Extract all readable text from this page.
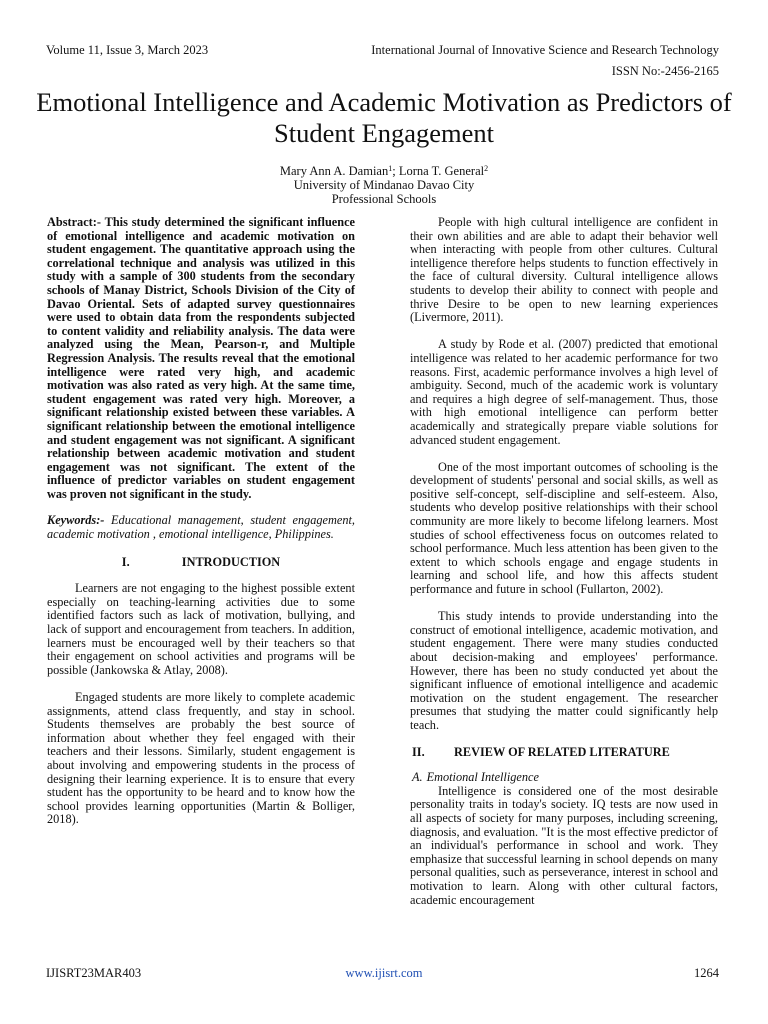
Volume 11, Issue 3, March 2023	International Journal of Innovative Science and Research Technology
ISSN No:-2456-2165
Emotional Intelligence and Academic Motivation as Predictors of Student Engagement
Mary Ann A. Damian$^1$; Lorna T. General$^2$
University of Mindanao Davao City
Professional Schools

Abstract:- This study determined the significant influence of emotional intelligence and academic motivation on student engagement. The quantitative approach using the correlational technique and analysis was utilized in this study with a sample of 300 students from the secondary schools of Manay District, Schools Division of the City of Davao Oriental. Sets of adapted survey questionnaires were used to obtain data from the respondents subjected to content validity and reliability analysis. The data were analyzed using the Mean, Pearson-r, and Multiple Regression Analysis. The results reveal that the emotional intelligence were rated very high, and academic motivation was also rated as very high. At the same time, student engagement was rated very high. Moreover, a significant relationship existed between these variables. A significant relationship between the emotional intelligence and student engagement was not significant. A significant relationship between academic motivation and student engagement was not significant. The extent of the influence of predictor variables on student engagement was proven not significant in the study.

Keywords:- Educational management, student engagement, academic motivation , emotional intelligence, Philippines.

I.	INTRODUCTION

Learners are not engaging to the highest possible extent especially on teaching-learning activities due to some identified factors such as lack of motivation, bullying, and lack of support and encouragement from teachers. In addition, learners must be encouraged well by their teachers so that their engagement on school activities and programs will be possible (Jankowska & Atlay, 2008).

Engaged students are more likely to complete academic assignments, attend class frequently, and stay in school. Students themselves are probably the best source of information about whether they feel engaged with their teachers and their lessons. Similarly, student engagement is about involving and empowering students in the process of designing their learning experience. It is to ensure that every student has the opportunity to be heard and to know how the school provides learning opportunities (Martin & Bolliger, 2018).

People with high cultural intelligence are confident in their own abilities and are able to adapt their behavior well when interacting with people from other cultures. Cultural intelligence therefore helps students to function effectively in the face of cultural diversity. Cultural intelligence allows students to develop their ability to connect with people and thrive Desire to be open to new learning experiences (Livermore, 2011).

A study by Rode et al. (2007) predicted that emotional intelligence was related to her academic performance for two reasons. First, academic performance involves a high level of ambiguity. Second, much of the academic work is voluntary and requires a high degree of self-management. Thus, those with high emotional intelligence can perform better academically and strategically prepare viable solutions for advanced student engagement.

One of the most important outcomes of schooling is the development of students' personal and social skills, as well as positive self-concept, self-discipline and self-esteem. Also, students who develop positive relationships with their school community are more likely to become lifelong learners. Most studies of school effectiveness focus on outcomes related to school performance. Much less attention has been given to the extent to which schools engage and engage students in learning and school life, and how this affects student performance and future in school (Fullarton, 2002).

This study intends to provide understanding into the construct of emotional intelligence, academic motivation, and student engagement. There were many studies conducted about decision-making and employees' performance. However, there has been no study conducted yet about the significant influence of emotional intelligence and academic motivation on the student engagement. The researcher presumes that studying the matter could significantly help teach.

II. REVIEW OF RELATED LITERATURE

A. Emotional Intelligence

Intelligence is considered one of the most desirable personality traits in today's society. IQ tests are now used in all aspects of society for many purposes, including screening, diagnosis, and evaluation. "It is the most effective predictor of an individual's performance in school and work. They emphasize that successful learning in school depends on many personal qualities, such as perseverance, interest in school and motivation to learn. Along with other cultural factors, academic encouragement

IJISRT23MAR403	www.ijisrt.com	1264
